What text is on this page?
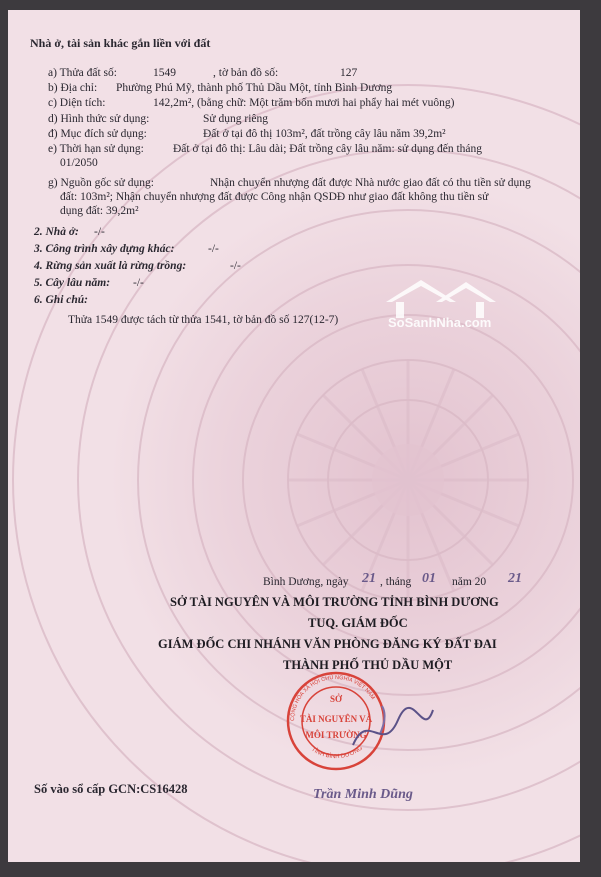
SoSanhNha.com
Nhà ở, tài sản khác gắn liền với đất
a) Thửa đất số:	1549	, tờ bản đồ số:	127
b) Địa chỉ: Phường Phú Mỹ, thành phố Thủ Dầu Một, tỉnh Bình Dương
c) Diện tích:	142,2m², (bằng chữ: Một trăm bốn mươi hai phẩy hai mét vuông)
d) Hình thức sử dụng:	Sử dụng riêng
đ) Mục đích sử dụng:	Đất ở tại đô thị 103m², đất trồng cây lâu năm 39,2m²
e) Thời hạn sử dụng:	Đất ở tại đô thị: Lâu dài; Đất trồng cây lâu năm: sử dụng đến tháng
01/2050
g) Nguồn gốc sử dụng:	Nhận chuyển nhượng đất được Nhà nước giao đất có thu tiền sử dụng
đất: 103m²; Nhận chuyển nhượng đất được Công nhận QSDĐ như giao đất không thu tiền sử
dụng đất: 39,2m²
2. Nhà ở: -/-
3. Công trình xây dựng khác:	-/-
4. Rừng sản xuất là rừng trồng:	-/-
5. Cây lâu năm: -/-
6. Ghi chú:
Thửa 1549 được tách từ thửa 1541, tờ bản đồ số 127(12-7)
Bình Dương, ngày 21 , tháng 01 năm 20 21
SỞ TÀI NGUYÊN VÀ MÔI TRƯỜNG TỈNH BÌNH DƯƠNG
TUQ. GIÁM ĐỐC
GIÁM ĐỐC CHI NHÁNH VĂN PHÒNG ĐĂNG KÝ ĐẤT ĐAI
THÀNH PHỐ THỦ DẦU MỘT
SỞ
TÀI NGUYÊN VÀ
MÔI TRƯỜNG
CỘNG HÒA XÃ HỘI CHỦ NGHĨA VIỆT NAM
TỈNH BÌNH DƯƠNG
Trần Minh Dũng
Số vào sổ cấp GCN:CS16428
